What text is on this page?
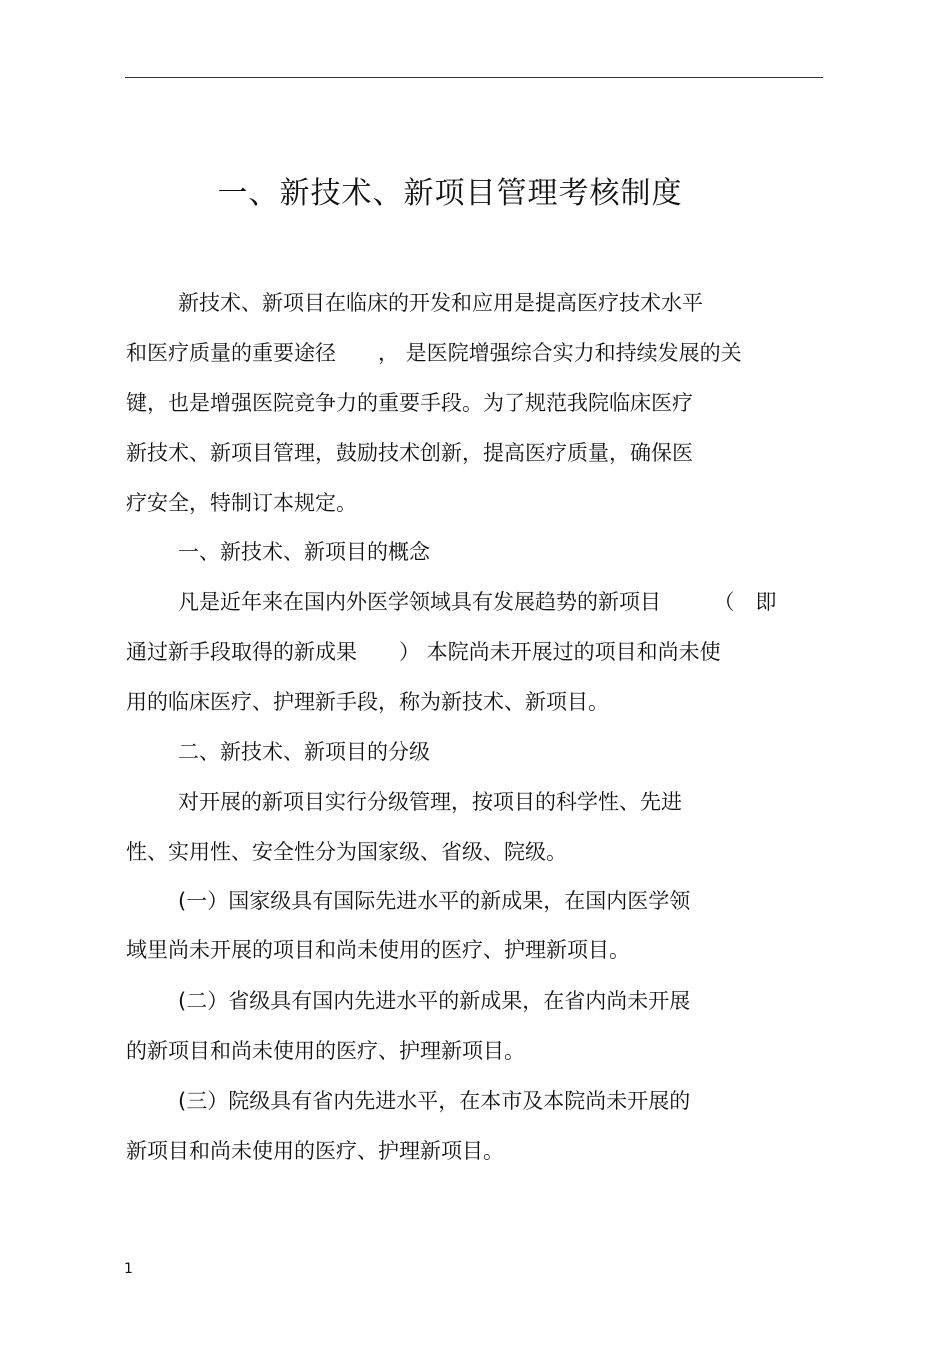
一、新技术、新项目管理考核制度
新技术、新项目在临床的开发和应用是提高医疗技术水平
和医疗质量的重要途径　　， 是医院增强综合实力和持续发展的关
键，也是增强医院竞争力的重要手段。为了规范我院临床医疗
新技术、新项目管理，鼓励技术创新，提高医疗质量，确保医
疗安全，特制订本规定。
一、新技术、新项目的概念
凡是近年来在国内外医学领域具有发展趋势的新项目　　　（　即
通过新手段取得的新成果　　） 本院尚未开展过的项目和尚未使
用的临床医疗、护理新手段，称为新技术、新项目。
二、新技术、新项目的分级
对开展的新项目实行分级管理，按项目的科学性、先进
性、实用性、安全性分为国家级、省级、院级。
(一）国家级具有国际先进水平的新成果，在国内医学领
域里尚未开展的项目和尚未使用的医疗、护理新项目。
(二）省级具有国内先进水平的新成果，在省内尚未开展
的新项目和尚未使用的医疗、护理新项目。
(三）院级具有省内先进水平，在本市及本院尚未开展的
新项目和尚未使用的医疗、护理新项目。
1
